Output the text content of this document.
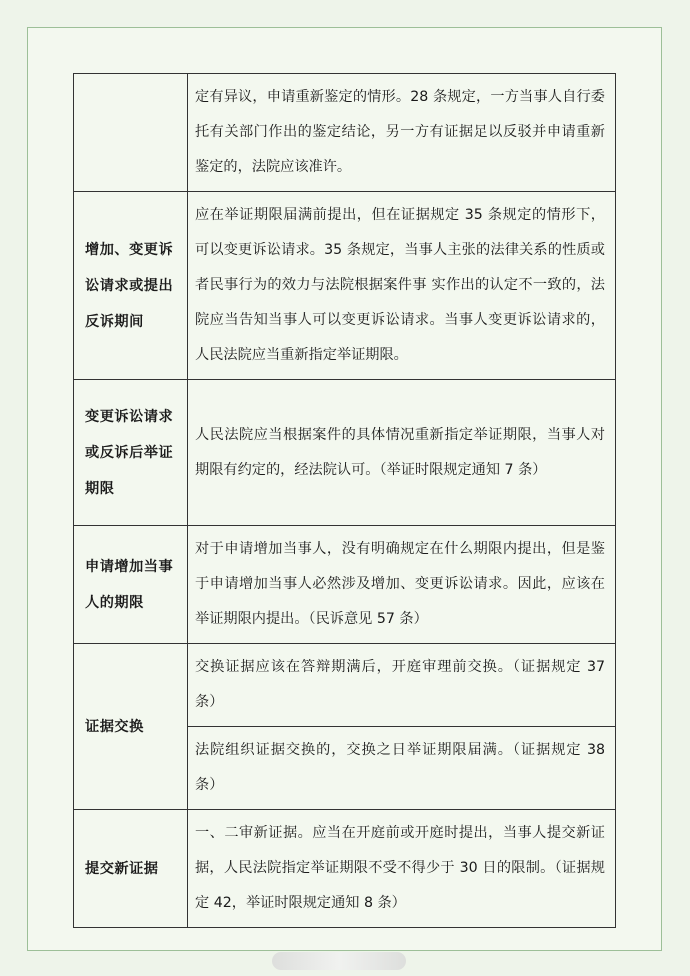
	定有异议，申请重新鉴定的情形。28 条规定，一方当事人自行委托有关部门作出的鉴定结论，另一方有证据足以反驳并申请重新鉴定的，法院应该准许。
增加、变更诉讼请求或提出反诉期间	应在举证期限届满前提出，但在证据规定 35 条规定的情形下，可以变更诉讼请求。35 条规定，当事人主张的法律关系的性质或者民事行为的效力与法院根据案件事 实作出的认定不一致的，法院应当告知当事人可以变更诉讼请求。当事人变更诉讼请求的，人民法院应当重新指定举证期限。
变更诉讼请求或反诉后举证期限	人民法院应当根据案件的具体情况重新指定举证期限，当事人对期限有约定的，经法院认可。（举证时限规定通知 7 条）
申请增加当事人的期限	对于申请增加当事人，没有明确规定在什么期限内提出，但是鉴于申请增加当事人必然涉及增加、变更诉讼请求。因此，应该在举证期限内提出。（民诉意见 57 条）
证据交换	交换证据应该在答辩期满后，开庭审理前交换。（证据规定 37 条）
	法院组织证据交换的，交换之日举证期限届满。（证据规定 38 条）
提交新证据	一、二审新证据。应当在开庭前或开庭时提出，当事人提交新证据，人民法院指定举证期限不受不得少于 30 日的限制。（证据规定 42，举证时限规定通知 8 条）
